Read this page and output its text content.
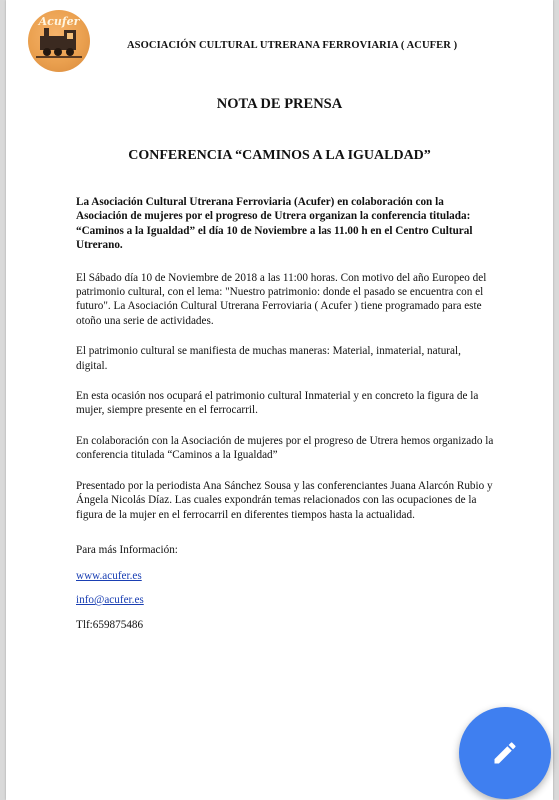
Acufer
ASOCIACIÓN CULTURAL UTRERANA FERROVIARIA ( ACUFER )
NOTA DE PRENSA
CONFERENCIA “CAMINOS A LA IGUALDAD”

La Asociación Cultural Utrerana Ferroviaria (Acufer) en colaboración con la Asociación de mujeres por el progreso de Utrera organizan la conferencia titulada: “Caminos a la Igualdad” el día 10 de Noviembre a las 11.00 h en el Centro Cultural Utrerano.

El Sábado día 10 de Noviembre de 2018 a las 11:00 horas. Con motivo del año Europeo del patrimonio cultural, con el lema: "Nuestro patrimonio: donde el pasado se encuentra con el futuro". La Asociación Cultural Utrerana Ferroviaria ( Acufer ) tiene programado para este otoño una serie de actividades.

El patrimonio cultural se manifiesta de muchas maneras: Material, inmaterial, natural, digital.

En esta ocasión nos ocupará el patrimonio cultural Inmaterial y en concreto la figura de la mujer, siempre presente en el ferrocarril.

En colaboración con la Asociación de mujeres por el progreso de Utrera hemos organizado la conferencia titulada “Caminos a la Igualdad”

Presentado por la periodista Ana Sánchez Sousa y las conferenciantes Juana Alarcón Rubio y Ángela Nicolás Díaz. Las cuales expondrán temas relacionados con las ocupaciones de la figura de la mujer en el ferrocarril en diferentes tiempos hasta la actualidad.

Para más Información:
www.acufer.es
info@acufer.es
Tlf:659875486
